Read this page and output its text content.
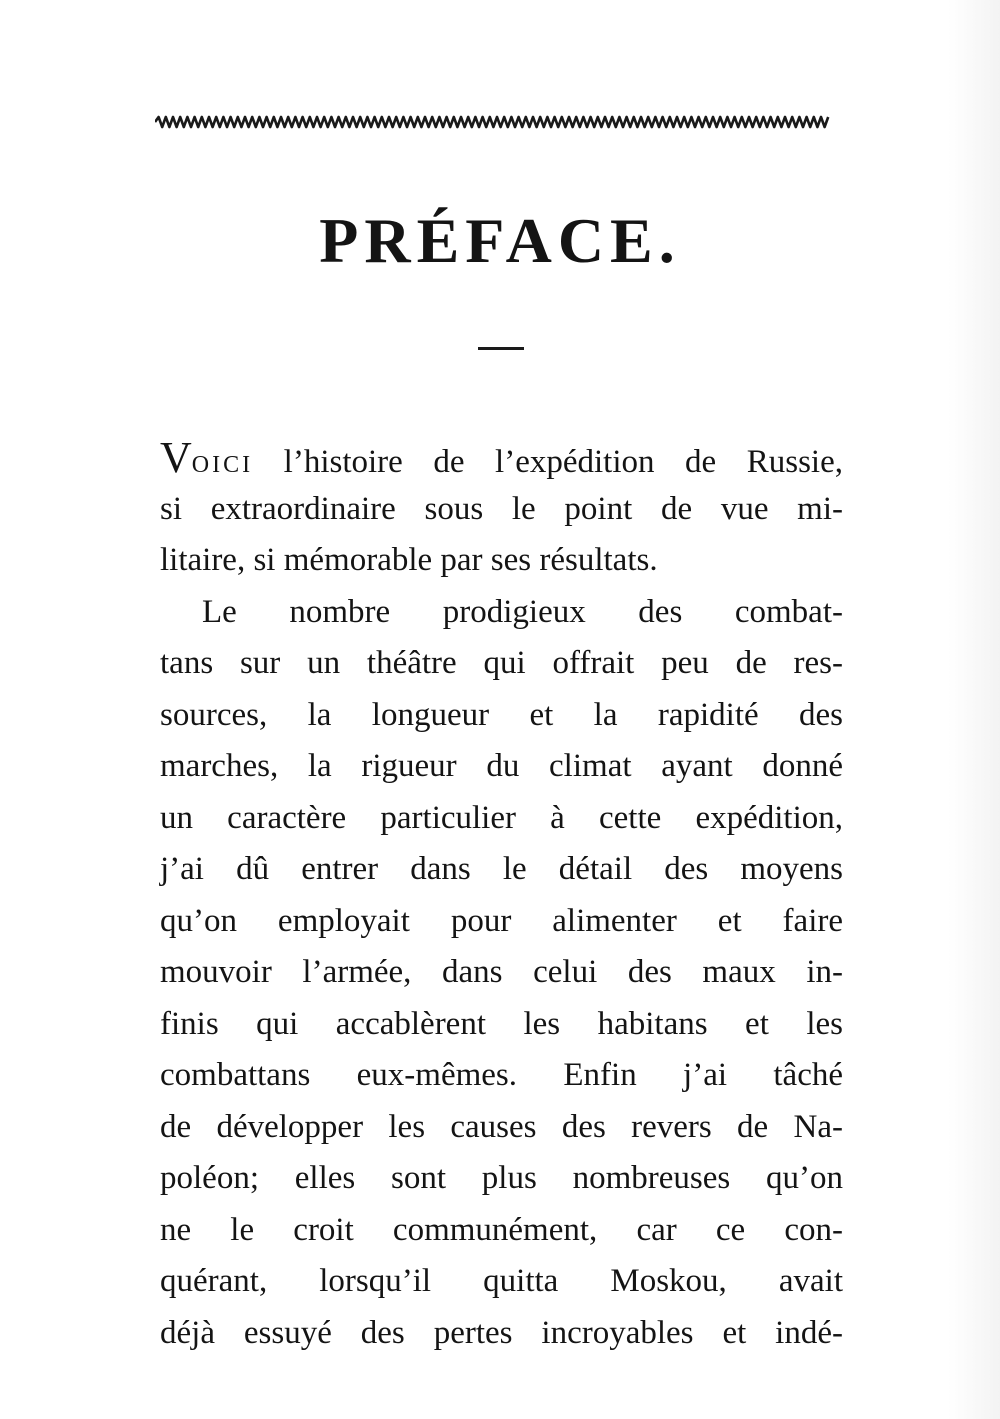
PRÉFACE.
VOICI l’histoire de l’expédition de Russie,
si extraordinaire sous le point de vue mi-
litaire, si mémorable par ses résultats.
Le nombre prodigieux des combat-
tans sur un théâtre qui offrait peu de res-
sources, la longueur et la rapidité des
marches, la rigueur du climat ayant donné
un caractère particulier à cette expédition,
j’ai dû entrer dans le détail des moyens
qu’on employait pour alimenter et faire
mouvoir l’armée, dans celui des maux in-
finis qui accablèrent les habitans et les
combattans eux-mêmes. Enfin j’ai tâché
de développer les causes des revers de Na-
poléon; elles sont plus nombreuses qu’on
ne le croit communément, car ce con-
quérant, lorsqu’il quitta Moskou, avait
déjà essuyé des pertes incroyables et indé-
